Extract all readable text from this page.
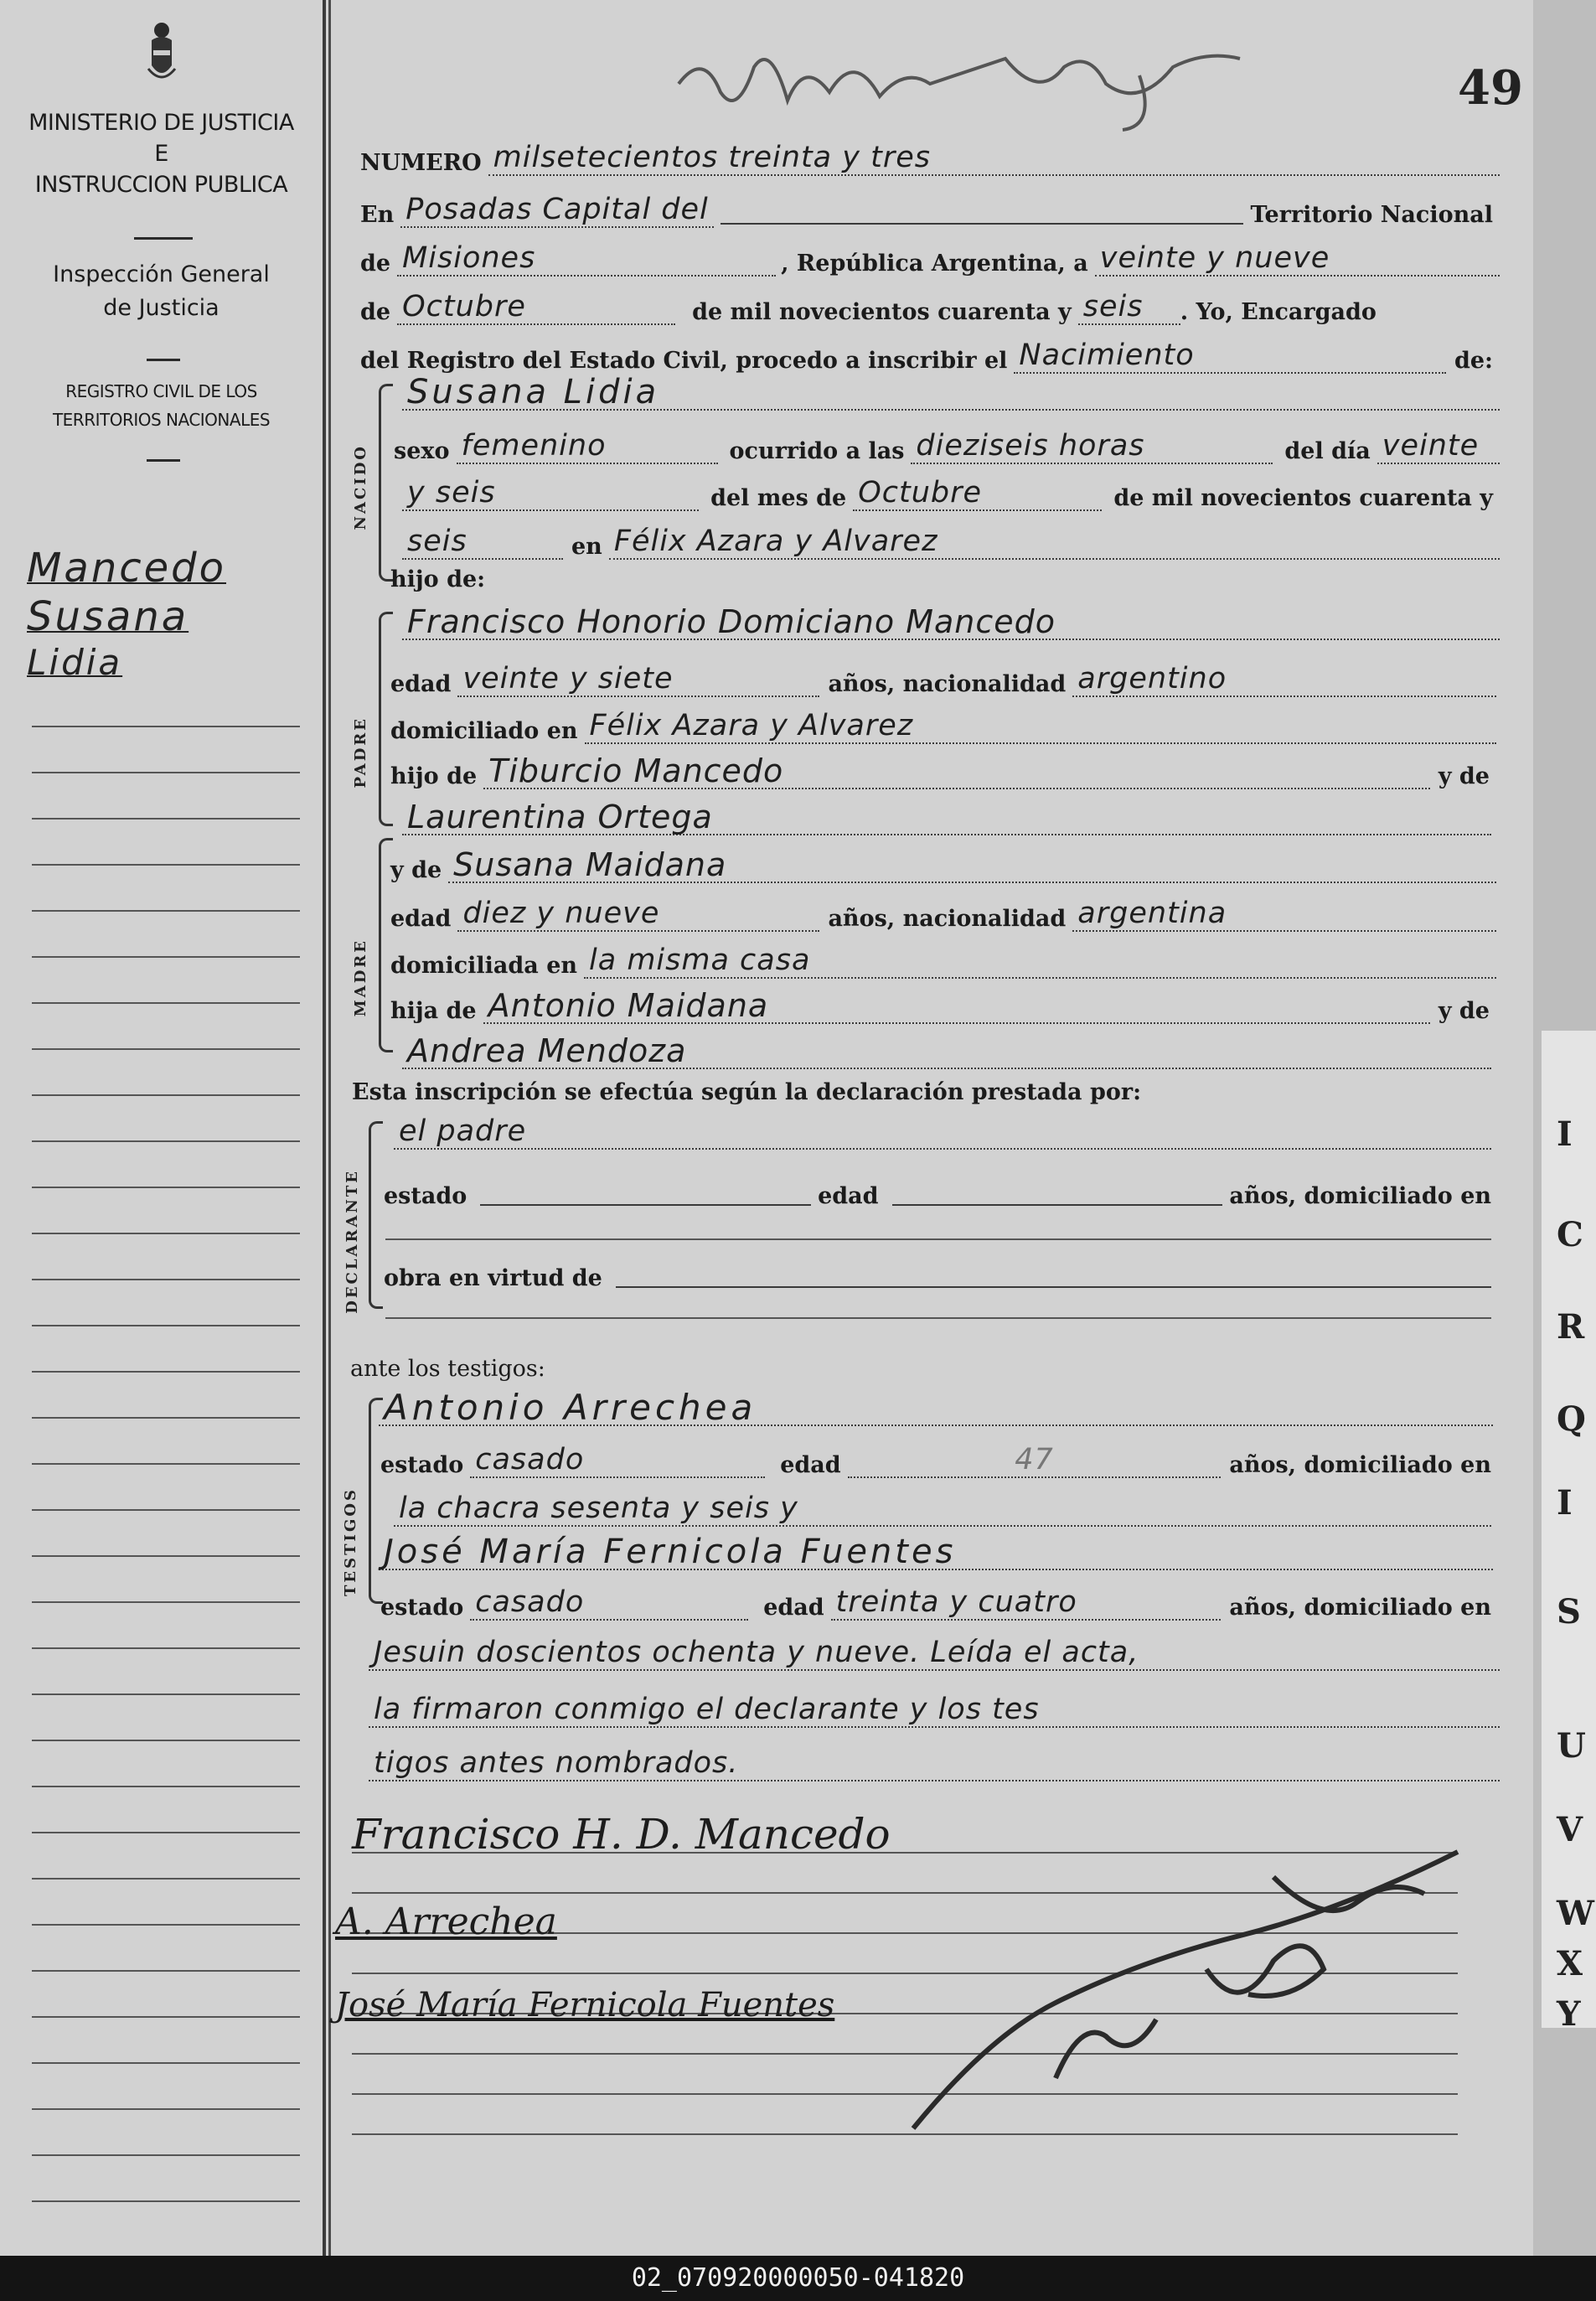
MINISTERIO DE JUSTICIA
E
INSTRUCCION PUBLICA
Inspección General
de Justicia
REGISTRO CIVIL DE LOS
TERRITORIOS NACIONALES
Mancedo
Susana
Lidia
49
NUMERO milsetecientos treinta y tres
En Posadas Capital del	Territorio Nacional
de Misiones	, República Argentina, a veinte y nueve
de Octubre	de mil novecientos cuarenta y seis	. Yo, Encargado
del Registro del Estado Civil, procedo a inscribir el Nacimiento	de:
NACIDO
Susana Lidia
sexo femenino	ocurrido a las dieziseis horas	del día veinte
y seis	del mes de Octubre	de mil novecientos cuarenta y
seis	en Félix Azara y Alvarez
hijo de:
PADRE
Francisco Honorio Domiciano Mancedo
edad veinte y siete	años, nacionalidad argentino
domiciliado en Félix Azara y Alvarez
hijo de Tiburcio Mancedo	y de
Laurentina Ortega
MADRE
y de Susana Maidana
edad diez y nueve	años, nacionalidad argentina
domiciliada en la misma casa
hija de Antonio Maidana	y de
Andrea Mendoza
Esta inscripción se efectúa según la declaración prestada por:
DECLARANTE
el padre
estado	edad	años, domiciliado en
obra en virtud de
ante los testigos:
TESTIGOS
Antonio Arrechea
estado casado	edad	47	años, domiciliado en
la chacra sesenta y seis y
José María Fernicola Fuentes
estado casado	edad treinta y cuatro	años, domiciliado en
Jesuin doscientos ochenta y nueve. Leída el acta,
la firmaron conmigo el declarante y los tes
tigos antes nombrados.
Francisco H. D. Mancedo
A. Arrechea
José María Fernicola Fuentes
I
C
R
Q
I
S
U
V
W
X
Y
02_070920000050-041820
